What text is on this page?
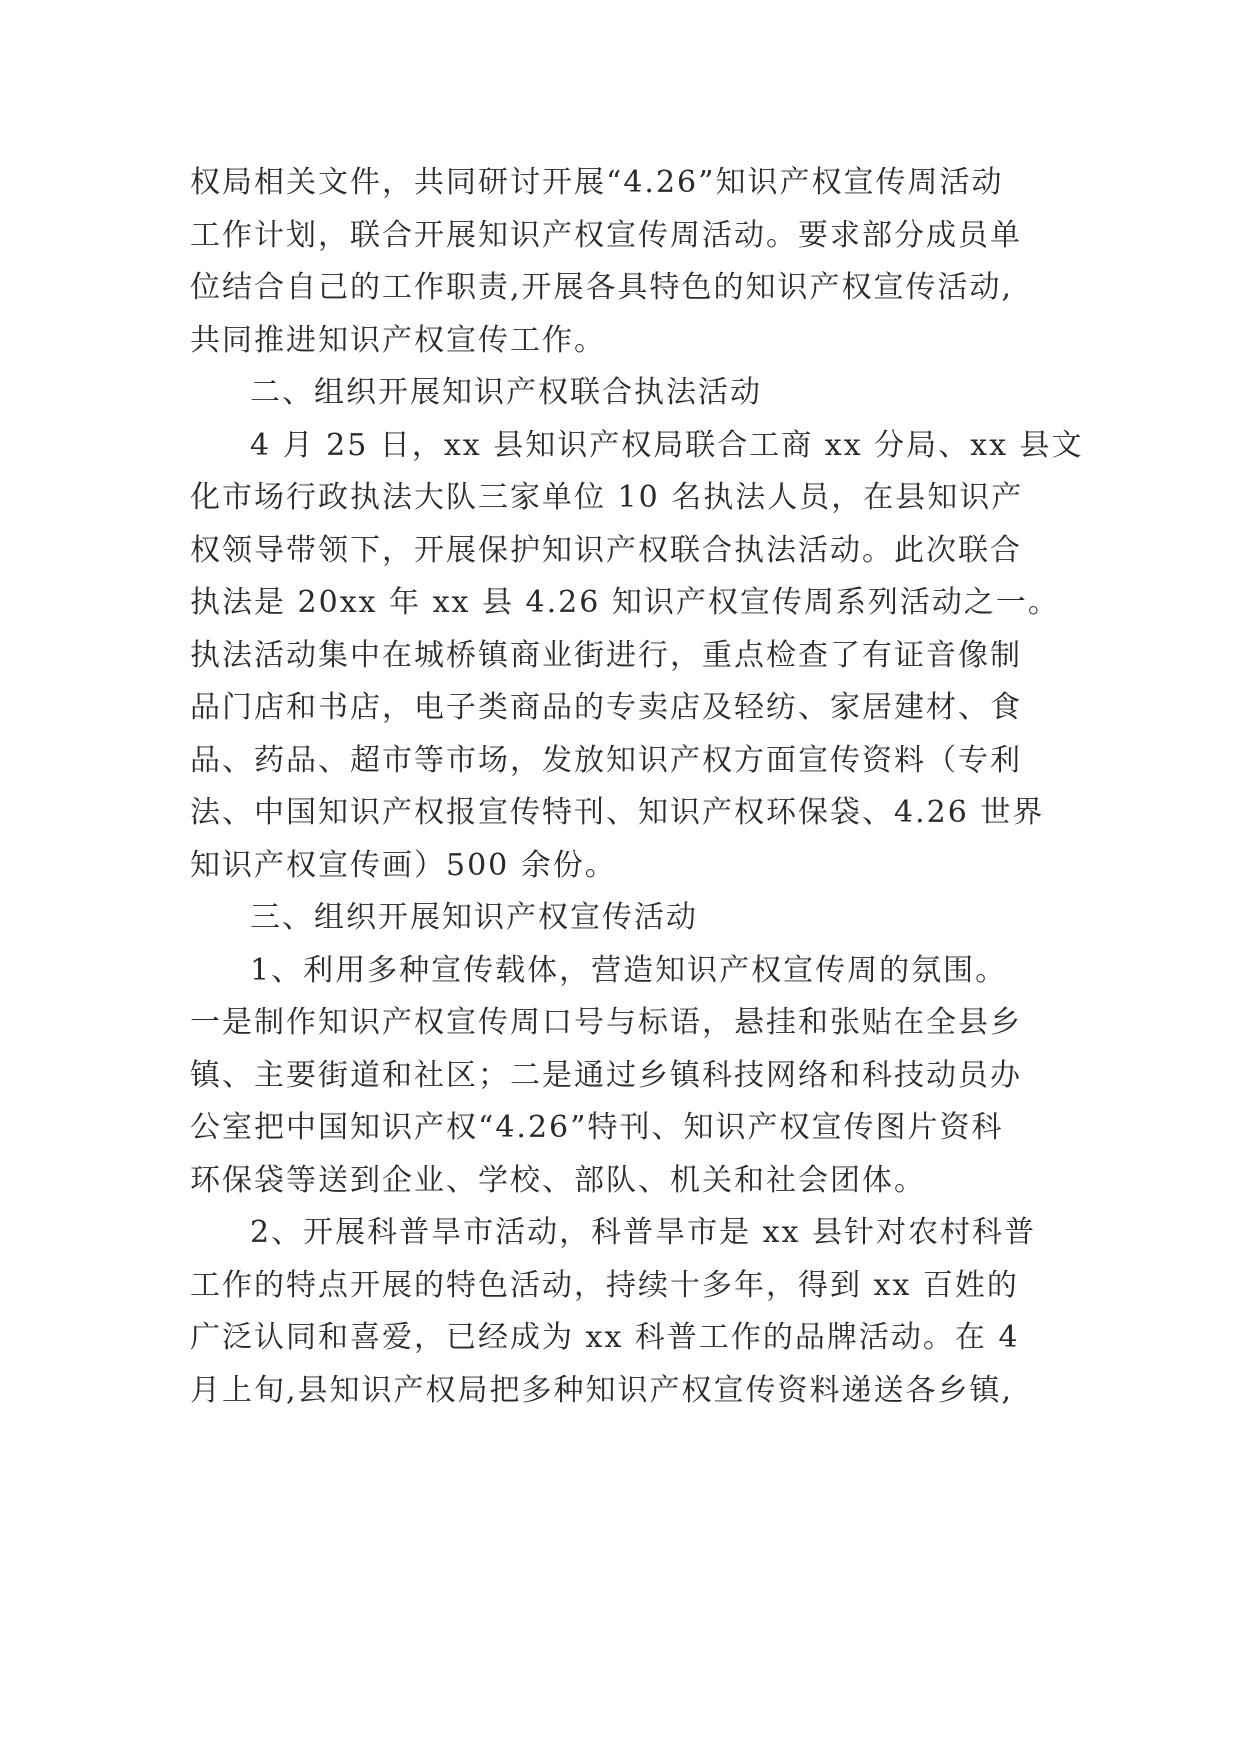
权局相关文件，共同研讨开展“4.26”知识产权宣传周活动
工作计划，联合开展知识产权宣传周活动。要求部分成员单
位结合自己的工作职责,开展各具特色的知识产权宣传活动,
共同推进知识产权宣传工作。
二、组织开展知识产权联合执法活动
4 月 25 日，xx 县知识产权局联合工商 xx 分局、xx 县文
化市场行政执法大队三家单位 10 名执法人员，在县知识产
权领导带领下，开展保护知识产权联合执法活动。此次联合
执法是 20xx 年 xx 县 4.26 知识产权宣传周系列活动之一。
执法活动集中在城桥镇商业街进行，重点检查了有证音像制
品门店和书店，电子类商品的专卖店及轻纺、家居建材、食
品、药品、超市等市场，发放知识产权方面宣传资料（专利
法、中国知识产权报宣传特刊、知识产权环保袋、4.26 世界
知识产权宣传画）500 余份。
三、组织开展知识产权宣传活动
1、利用多种宣传载体，营造知识产权宣传周的氛围。
一是制作知识产权宣传周口号与标语，悬挂和张贴在全县乡
镇、主要街道和社区；二是通过乡镇科技网络和科技动员办
公室把中国知识产权“4.26”特刊、知识产权宣传图片资科
环保袋等送到企业、学校、部队、机关和社会团体。
2、开展科普旱市活动，科普旱市是 xx 县针对农村科普
工作的特点开展的特色活动，持续十多年，得到 xx 百姓的
广泛认同和喜爱，已经成为 xx 科普工作的品牌活动。在 4
月上旬,县知识产权局把多种知识产权宣传资料递送各乡镇,
